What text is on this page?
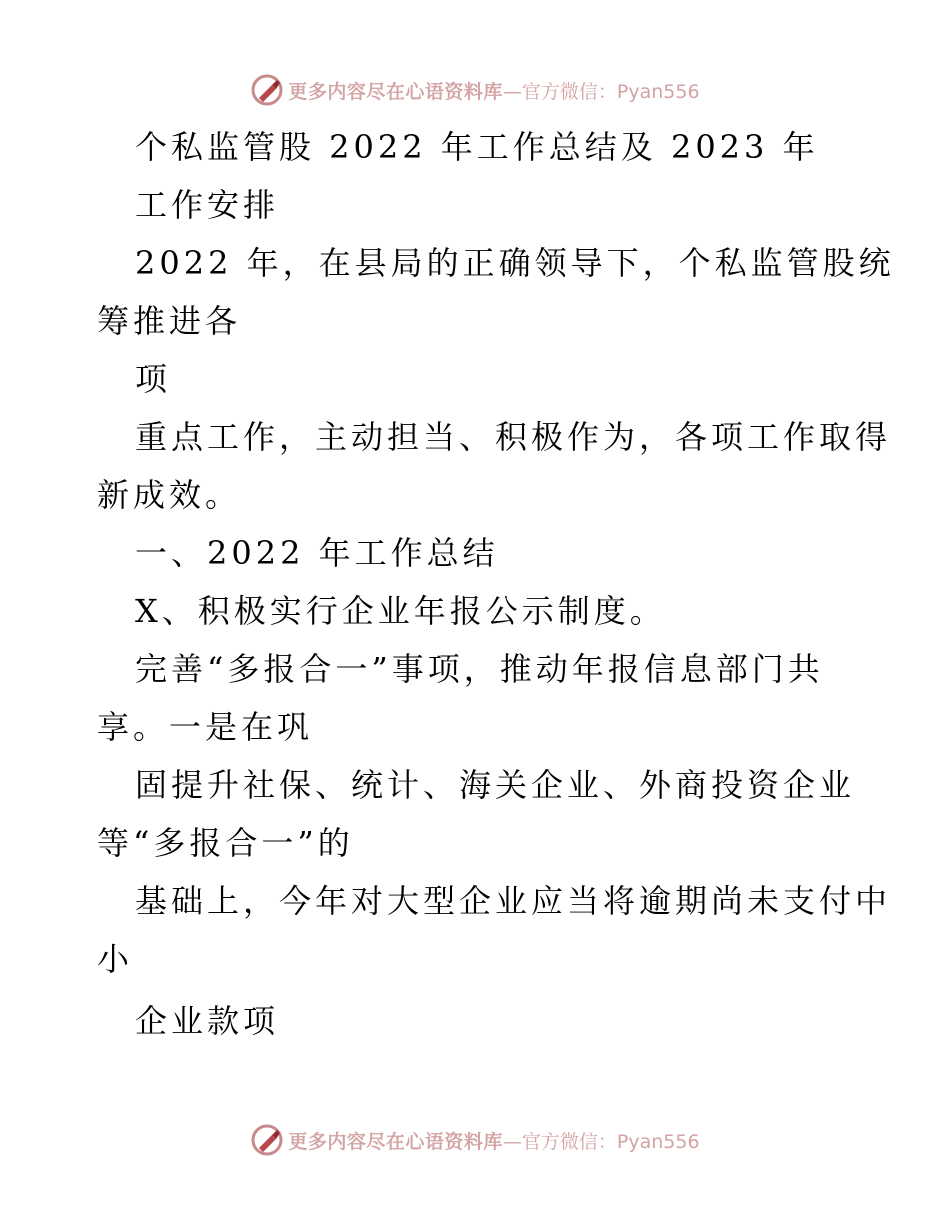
更多内容尽在心语资料库 —官方微信：Pyan556
个私监管股 2022 年工作总结及 2023 年
工作安排
2022 年，在县局的正确领导下，个私监管股统
筹推进各
项
重点工作，主动担当、积极作为，各项工作取得
新成效。
一、2022 年工作总结
X、积极实行企业年报公示制度。
完善“多报合一”事项，推动年报信息部门共
享。一是在巩
固提升社保、统计、海关企业、外商投资企业
等“多报合一”的
基础上，今年对大型企业应当将逾期尚未支付中
小
企业款项
更多内容尽在心语资料库 —官方微信：Pyan556
